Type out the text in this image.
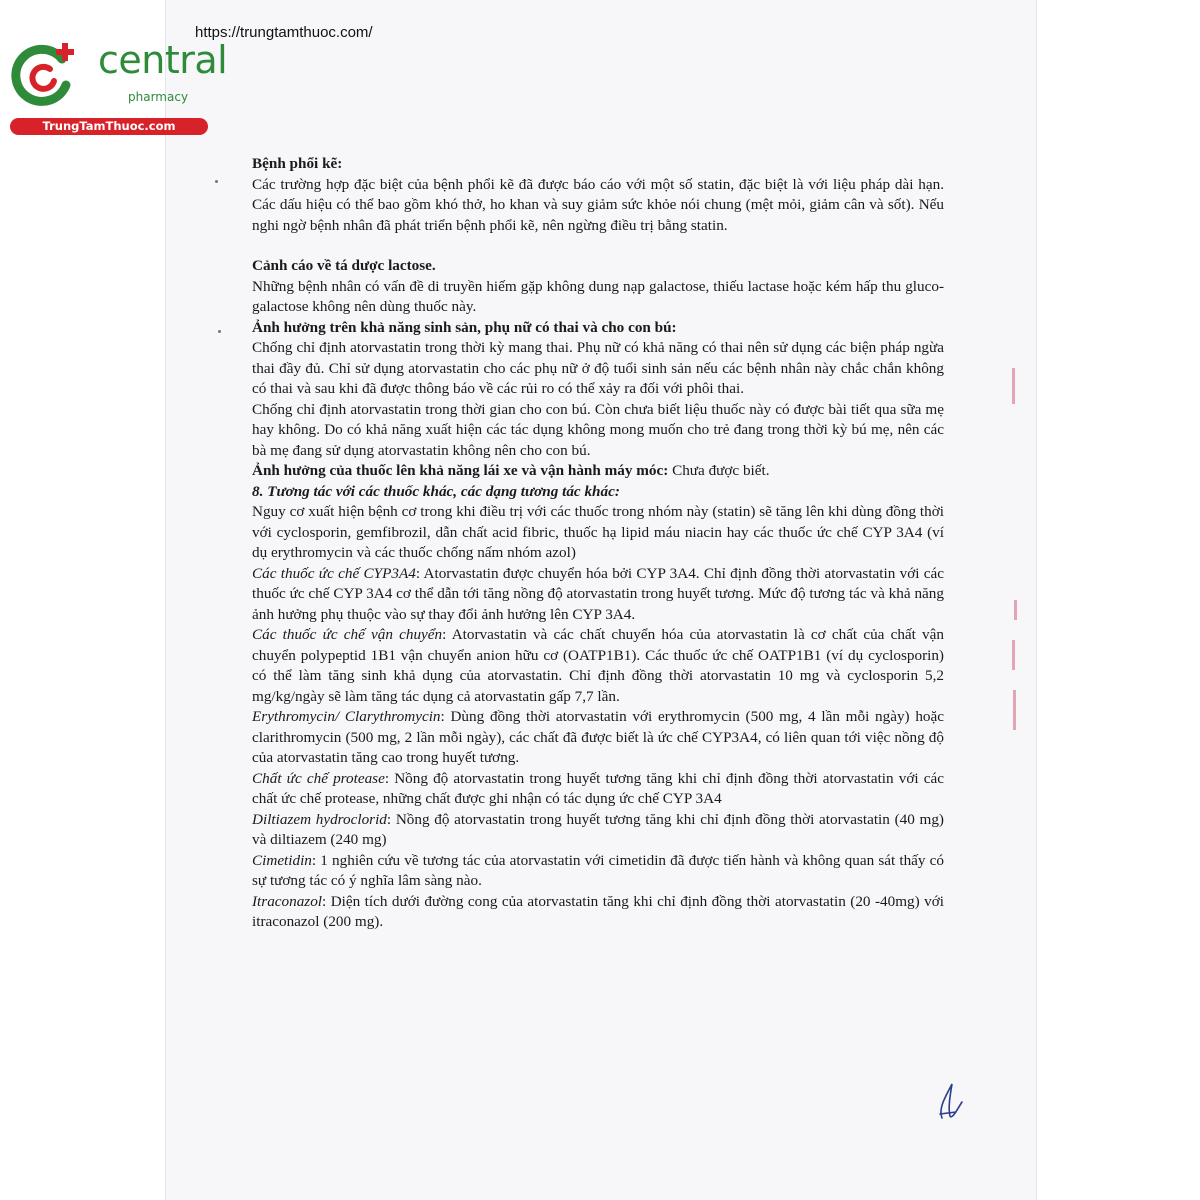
central
pharmacy
TrungTamThuoc.com
https://trungtamthuoc.com/

Bệnh phổi kẽ:
Các trường hợp đặc biệt của bệnh phổi kẽ đã được báo cáo với một số statin, đặc biệt là với liệu pháp dài hạn. Các dấu hiệu có thể bao gồm khó thở, ho khan và suy giảm sức khỏe nói chung (mệt mỏi, giảm cân và sốt). Nếu nghi ngờ bệnh nhân đã phát triển bệnh phổi kẽ, nên ngừng điều trị bằng statin.

Cảnh cáo về tá dược lactose.
Những bệnh nhân có vấn đề di truyền hiếm gặp không dung nạp galactose, thiếu lactase hoặc kém hấp thu gluco-galactose không nên dùng thuốc này.

Ảnh hưởng trên khả năng sinh sản, phụ nữ có thai và cho con bú:
Chống chỉ định atorvastatin trong thời kỳ mang thai. Phụ nữ có khả năng có thai nên sử dụng các biện pháp ngừa thai đầy đủ. Chỉ sử dụng atorvastatin cho các phụ nữ ở độ tuổi sinh sản nếu các bệnh nhân này chắc chắn không có thai và sau khi đã được thông báo về các rủi ro có thể xảy ra đối với phôi thai.

Chống chỉ định atorvastatin trong thời gian cho con bú. Còn chưa biết liệu thuốc này có được bài tiết qua sữa mẹ hay không. Do có khả năng xuất hiện các tác dụng không mong muốn cho trẻ đang trong thời kỳ bú mẹ, nên các bà mẹ đang sử dụng atorvastatin không nên cho con bú.

Ảnh hưởng của thuốc lên khả năng lái xe và vận hành máy móc: Chưa được biết.

8. Tương tác với các thuốc khác, các dạng tương tác khác:

Nguy cơ xuất hiện bệnh cơ trong khi điều trị với các thuốc trong nhóm này (statin) sẽ tăng lên khi dùng đồng thời với cyclosporin, gemfibrozil, dẫn chất acid fibric, thuốc hạ lipid máu niacin hay các thuốc ức chế CYP 3A4 (ví dụ erythromycin và các thuốc chống nấm nhóm azol)

Các thuốc ức chế CYP3A4: Atorvastatin được chuyển hóa bởi CYP 3A4. Chỉ định đồng thời atorvastatin với các thuốc ức chế CYP 3A4 cơ thể dẫn tới tăng nồng độ atorvastatin trong huyết tương. Mức độ tương tác và khả năng ảnh hưởng phụ thuộc vào sự thay đổi ảnh hưởng lên CYP 3A4.

Các thuốc ức chế vận chuyển: Atorvastatin và các chất chuyển hóa của atorvastatin là cơ chất của chất vận chuyển polypeptid 1B1 vận chuyển anion hữu cơ (OATP1B1). Các thuốc ức chế OATP1B1 (ví dụ cyclosporin) có thể làm tăng sinh khả dụng của atorvastatin. Chỉ định đồng thời atorvastatin 10 mg và cyclosporin 5,2 mg/kg/ngày sẽ làm tăng tác dụng cả atorvastatin gấp 7,7 lần.

Erythromycin/ Clarythromycin: Dùng đồng thời atorvastatin với erythromycin (500 mg, 4 lần mỗi ngày) hoặc clarithromycin (500 mg, 2 lần mỗi ngày), các chất đã được biết là ức chế CYP3A4, có liên quan tới việc nồng độ của atorvastatin tăng cao trong huyết tương.

Chất ức chế protease: Nồng độ atorvastatin trong huyết tương tăng khi chỉ định đồng thời atorvastatin với các chất ức chế protease, những chất được ghi nhận có tác dụng ức chế CYP 3A4

Diltiazem hydroclorid: Nồng độ atorvastatin trong huyết tương tăng khi chỉ định đồng thời atorvastatin (40 mg) và diltiazem (240 mg)

Cimetidin: 1 nghiên cứu về tương tác của atorvastatin với cimetidin đã được tiến hành và không quan sát thấy có sự tương tác có ý nghĩa lâm sàng nào.

Itraconazol: Diện tích dưới đường cong của atorvastatin tăng khi chỉ định đồng thời atorvastatin (20 -40mg) với itraconazol (200 mg).
